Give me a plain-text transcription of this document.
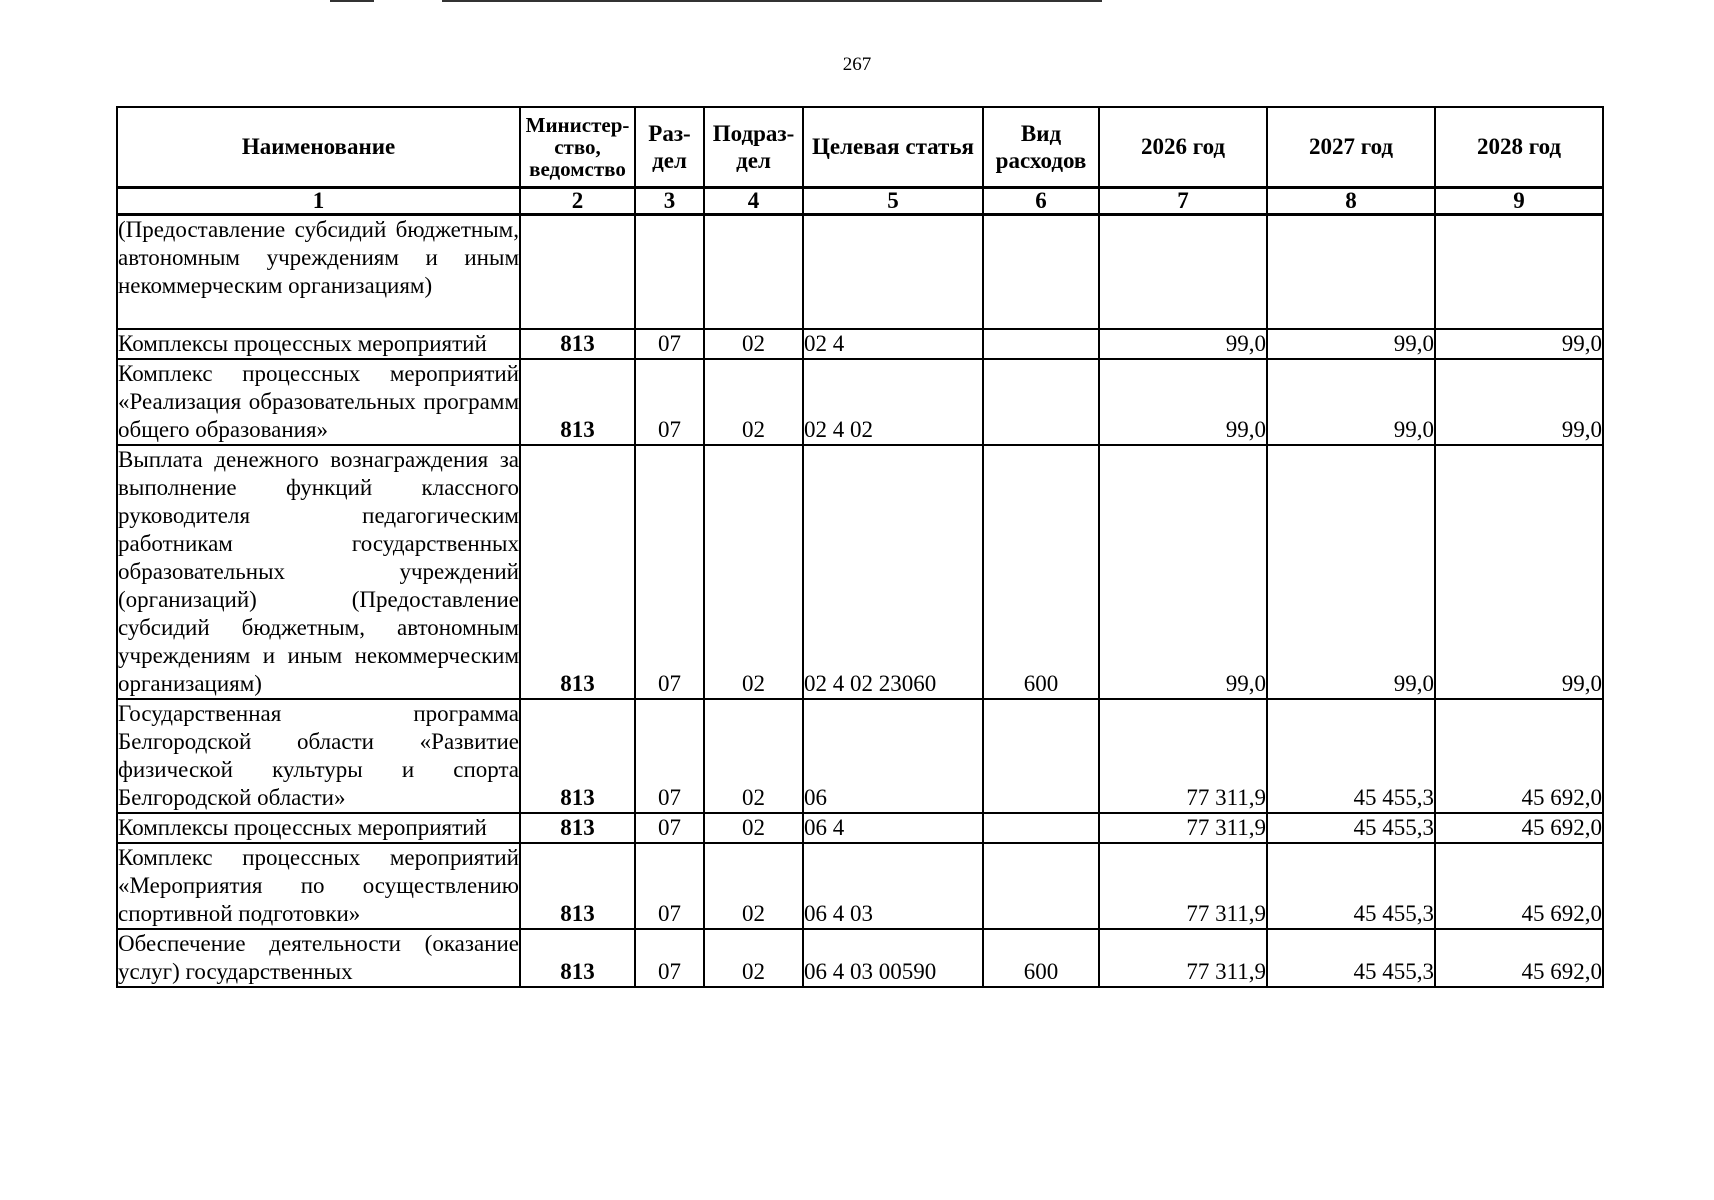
267
Наименование	Министер-ство, ведомство	Раз-дел	Подраз-дел	Целевая статья	Вид расходов	2026 год	2027 год	2028 год
1	2	3	4	5	6	7	8	9

(Предоставление субсидий бюджетным, автономным учреждениям и иным некоммерческим организациям)								

Комплексы процессных мероприятий	813	07	02	02 4		99,0	99,0	99,0

Комплекс процессных мероприятий «Реализация образовательных программ общего образования»	813	07	02	02 4 02		99,0	99,0	99,0

Выплата денежного вознаграждения за выполнение функций классного руководителя педагогическим работникам государственных образовательных учреждений (организаций) (Предоставление субсидий бюджетным, автономным учреждениям и иным некоммерческим организациям)	813	07	02	02 4 02 23060	600	99,0	99,0	99,0

Государственная программа Белгородской области «Развитие физической культуры и спорта Белгородской области»	813	07	02	06		77 311,9	45 455,3	45 692,0

Комплексы процессных мероприятий	813	07	02	06 4		77 311,9	45 455,3	45 692,0

Комплекс процессных мероприятий «Мероприятия по осуществлению спортивной подготовки»	813	07	02	06 4 03		77 311,9	45 455,3	45 692,0

Обеспечение деятельности (оказание услуг) государственных	813	07	02	06 4 03 00590	600	77 311,9	45 455,3	45 692,0
